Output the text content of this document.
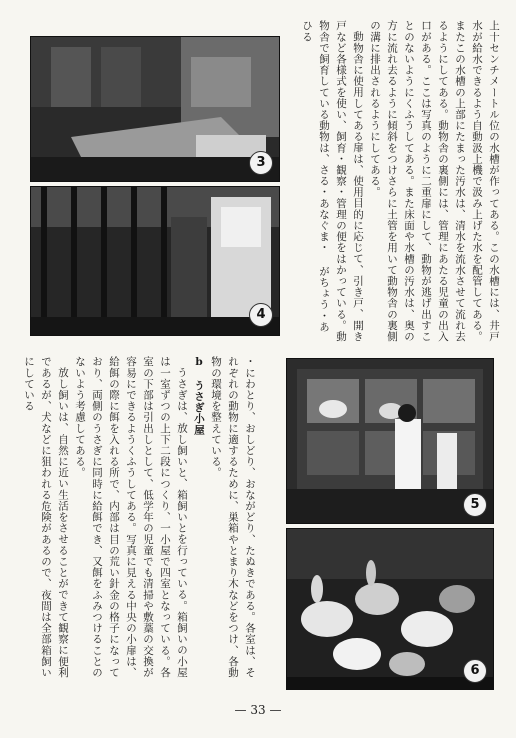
上十センチメートル位の水槽が作ってある。この水槽には、井戸水が給水できるよう自動汲上機で汲み上げた水を配管してある。またこの水槽の上部にたまった汚水は、清水を流水させて流れ去るようにしてある。動物舎の裏側には、管理にあたる児童の出入口がある。ここは写真のように二重扉にして、動物が逃げ出すことのないようにくふうしてある。また床面や水槽の汚水は、奥の方に流れ去るように傾斜をつけさらに土管を用いて動物舎の裏側の溝に排出されるようにしてある。

動物舎に使用してある扉は、使用目的に応じて、引き戸、開き戸など各様式を使い、飼育・観察・管理の便をはかっている。動物舎で飼育している動物は、さる・あなぐま・ がちょう・あひる

3
4

・にわとり、おしどり、おながどり、たぬきである。各室は、それぞれの動物に適するために、巣箱やとまり木などをつけ、各動物の環境を整えている。

b　うさぎ小屋

うさぎは、放し飼いと、箱飼いとを行っている。箱飼いの小屋は一室ずつの上下二段につくり、一小屋で四室となっている。各室の下部は引出しとして、低学年の児童でも清掃や敷藁の交換が容易にできるようくふうしてある。写真に見える中央の小扉は、給餌の際に餌を入れる所で、内部は目の荒い針金の格子になっており、両側のうさぎに同時に給餌でき、又餌をふみつけることのないよう考慮してある。

放し飼いは、自然に近い生活をさせることができて観察に便利であるが、犬などに狙われる危険があるので、夜間は全部箱飼いにしている

5
6
— 33 —
